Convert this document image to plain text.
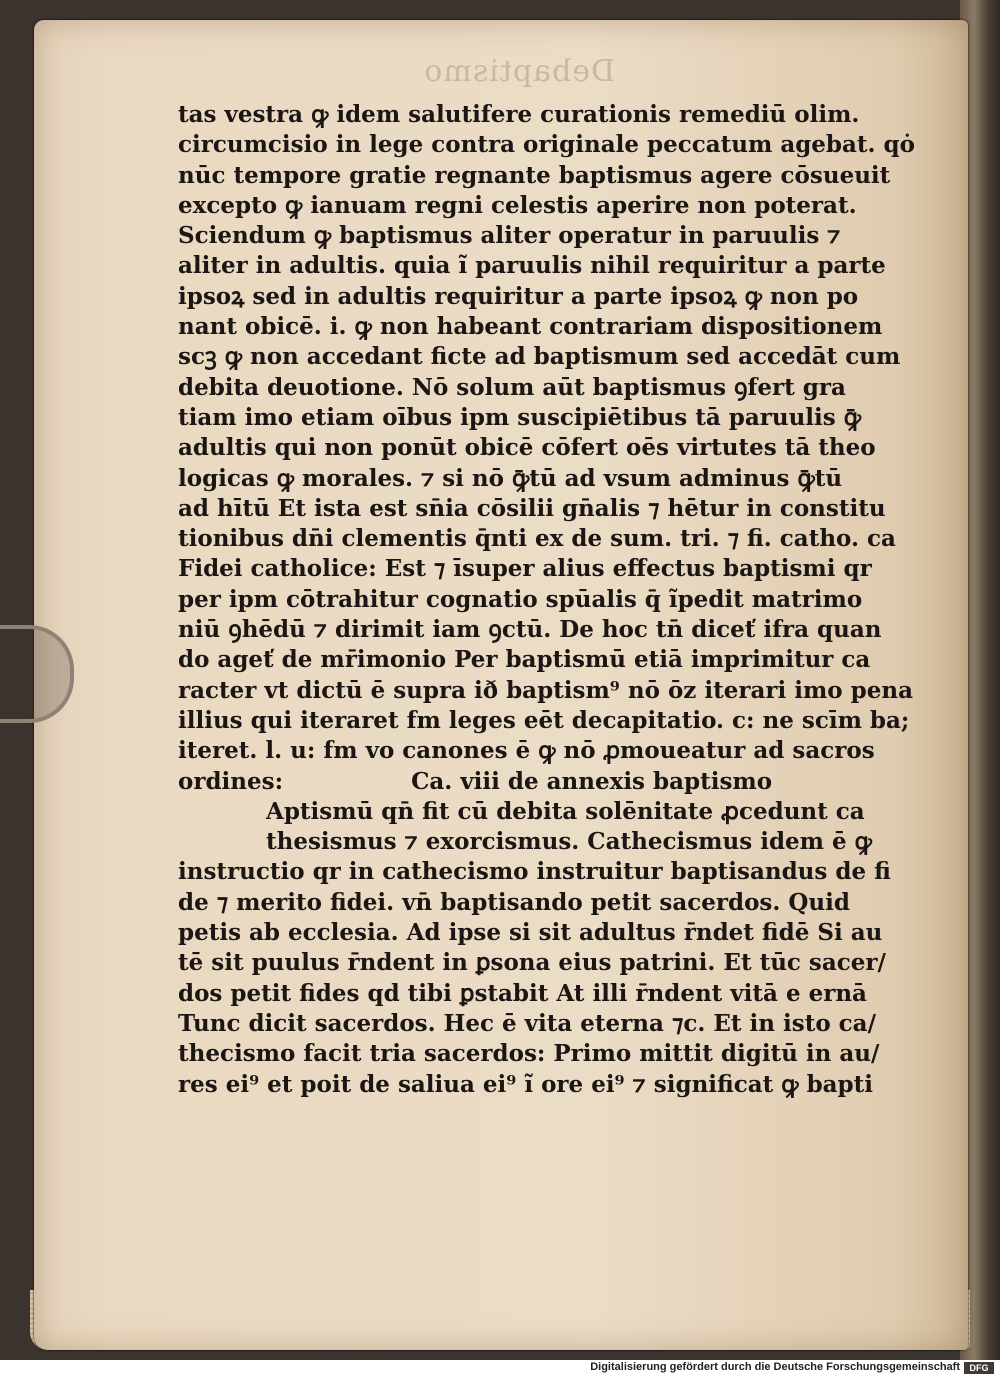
Debaptismo
tas vestra ꝙ idem salutifere curationis remediū olim.
circumcisio in lege contra originale peccatum agebat. qȯ
nūc tempore gratie regnante baptismus agere cōsueuit
excepto ꝙ ianuam regni celestis aperire non poterat.
Sciendum ꝙ baptismus aliter operatur in paruulis ⁊
aliter in adultis. quia ĩ paruulis nihil requiritur a parte
ipsoꝝ sed in adultis requiritur a parte ipsoꝝ ꝙ non po
nant obicē. i. ꝙ non habeant contrariam dispositionem
scꝫ ꝙ non accedant ficte ad baptismum sed accedāt cum
debita deuotione. Nō solum aūt baptismus ꝯfert gra
tiam imo etiam oībus ipm suscipiētibus tā paruulis ꝙ̄
adultis qui non ponūt obicē cōfert oēs virtutes tā theo
logicas ꝙ morales. ⁊ si nō ꝙ̄tū ad vsum adminus ꝙ̄tū
ad hītū Et ista est sn̄ia cōsilii gn̄alis ⁊ hētur in constitu
tionibus dn̄i clementis q̄nti ex de sum. tri. ⁊ fi. catho. ca
Fidei catholice: Est ⁊ īsuper alius effectus baptismi qr
per ipm cōtrahitur cognatio spūalis q̄ ĩpedit matrimo
niū ꝯhēdū ⁊ dirimit iam ꝯctū. De hoc tn̄ diceť ifra quan
do ageť de mr̄imonio Per baptismū etiā imprimitur ca
racter vt dictū ē supra ið baptism⁹ nō ōz iterari imo pena
illius qui iteraret fm leges eēt decapitatio. c: ne scīm ba;
iteret. l. u: fm vo canones ē ꝙ nō ꝓmoueatur ad sacros
ordines:	Ca. viii de annexis baptismo
Aptismū qn̄ fit cū debita solēnitate ꝓcedunt ca
thesismus ⁊ exorcismus. Cathecismus idem ē ꝙ
instructio qr in cathecismo instruitur baptisandus de fi
de ⁊ merito fidei. vn̄ baptisando petit sacerdos. Quid
petis ab ecclesia. Ad ipse si sit adultus r̄ndet fidē Si au
tē sit puulus r̄ndent in ꝑsona eius patrini. Et tūc sacer/
dos petit fides qd tibi ꝑstabit At illi r̄ndent vitā e ernā
Tunc dicit sacerdos. Hec ē vita eterna ⁊c. Et in isto ca/
thecismo facit tria sacerdos: Primo mittit digitū in au/
res ei⁹ et poit de saliua ei⁹ ĩ ore ei⁹ ⁊ significat ꝙ bapti
Digitalisierung gefördert durch die Deutsche Forschungsgemeinschaft	DFG
